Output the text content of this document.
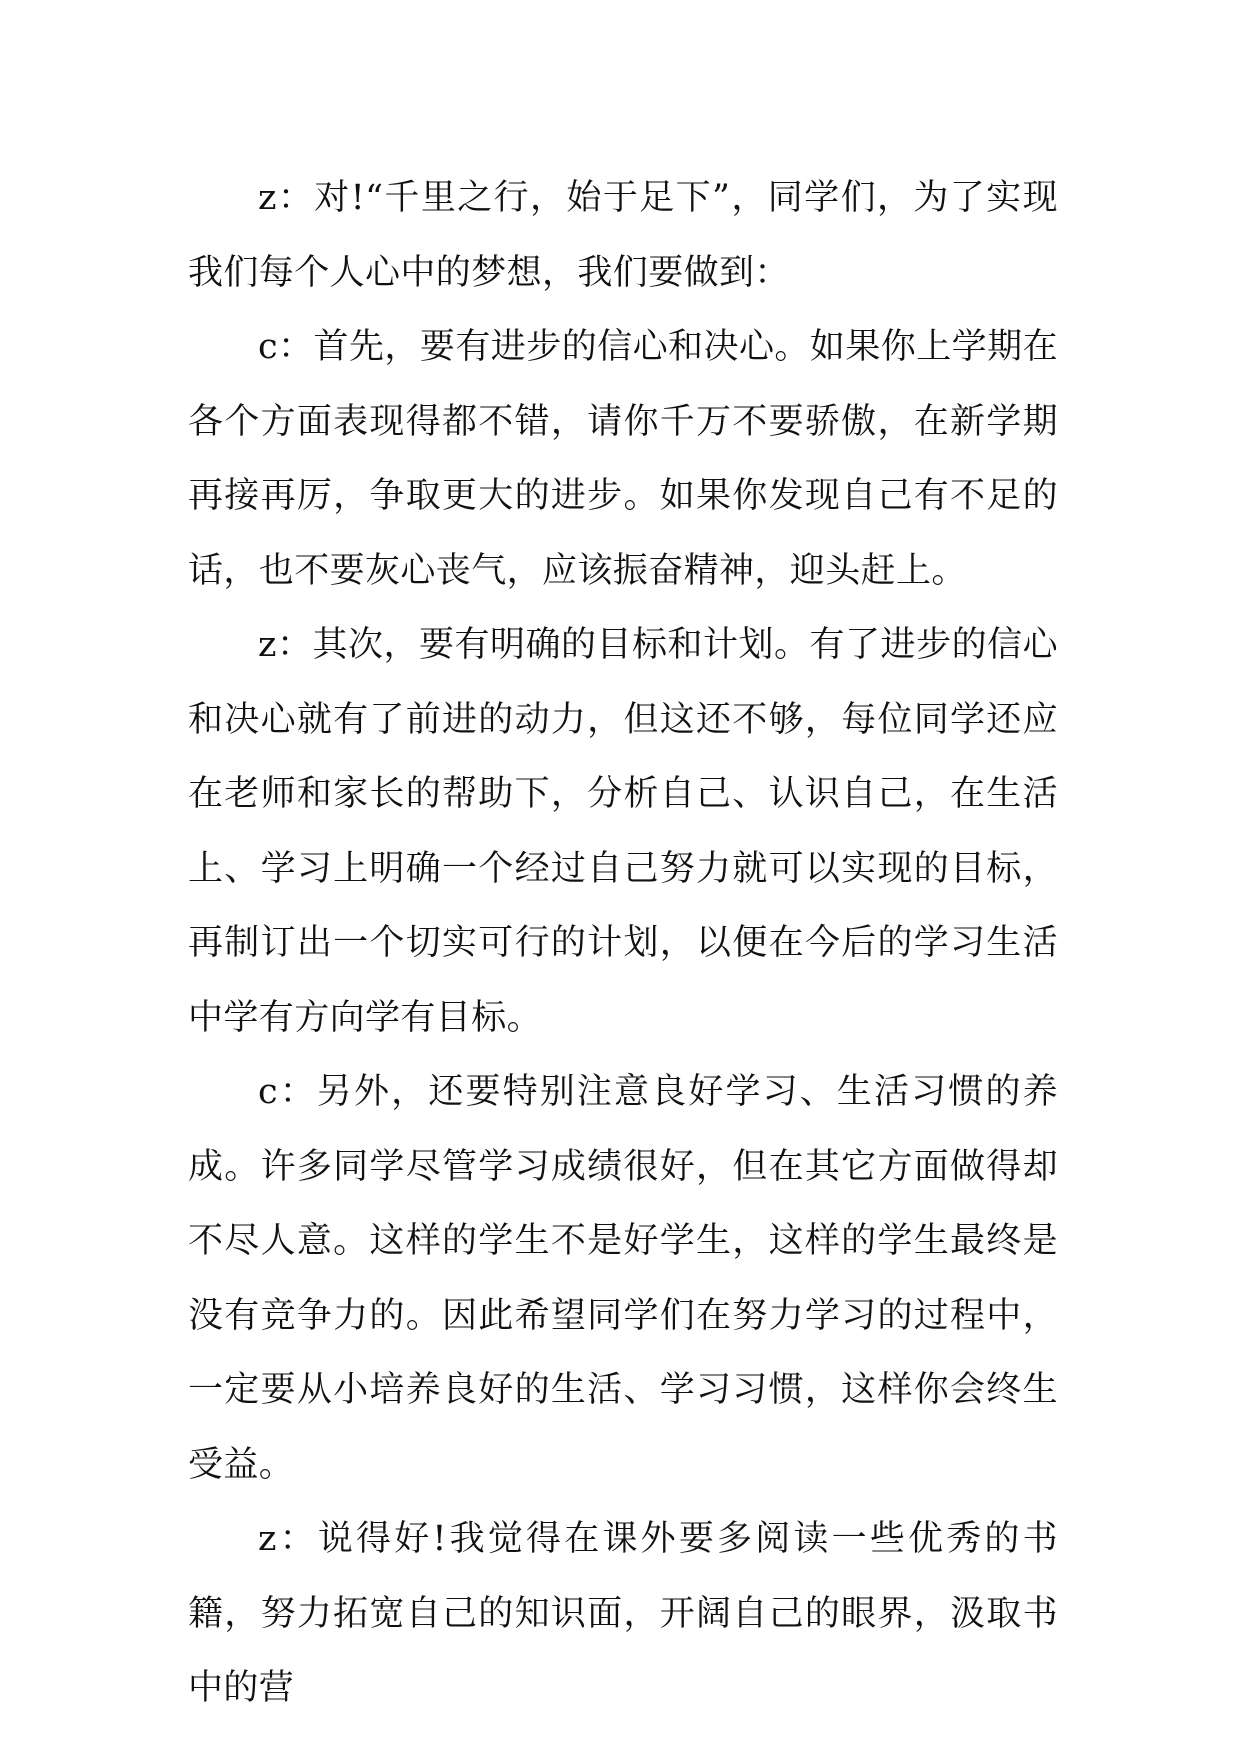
z：对!“千里之行，始于足下”，同学们，为了实现我们每个人心中的梦想，我们要做到：

c：首先，要有进步的信心和决心。如果你上学期在各个方面表现得都不错，请你千万不要骄傲，在新学期再接再厉，争取更大的进步。如果你发现自己有不足的话，也不要灰心丧气，应该振奋精神，迎头赶上。

z：其次，要有明确的目标和计划。有了进步的信心和决心就有了前进的动力，但这还不够，每位同学还应在老师和家长的帮助下，分析自己、认识自己，在生活上、学习上明确一个经过自己努力就可以实现的目标，再制订出一个切实可行的计划，以便在今后的学习生活中学有方向学有目标。

c：另外，还要特别注意良好学习、生活习惯的养成。许多同学尽管学习成绩很好，但在其它方面做得却不尽人意。这样的学生不是好学生，这样的学生最终是没有竞争力的。因此希望同学们在努力学习的过程中，一定要从小培养良好的生活、学习习惯，这样你会终生受益。

z：说得好!我觉得在课外要多阅读一些优秀的书籍，努力拓宽自己的知识面，开阔自己的眼界，汲取书中的营
